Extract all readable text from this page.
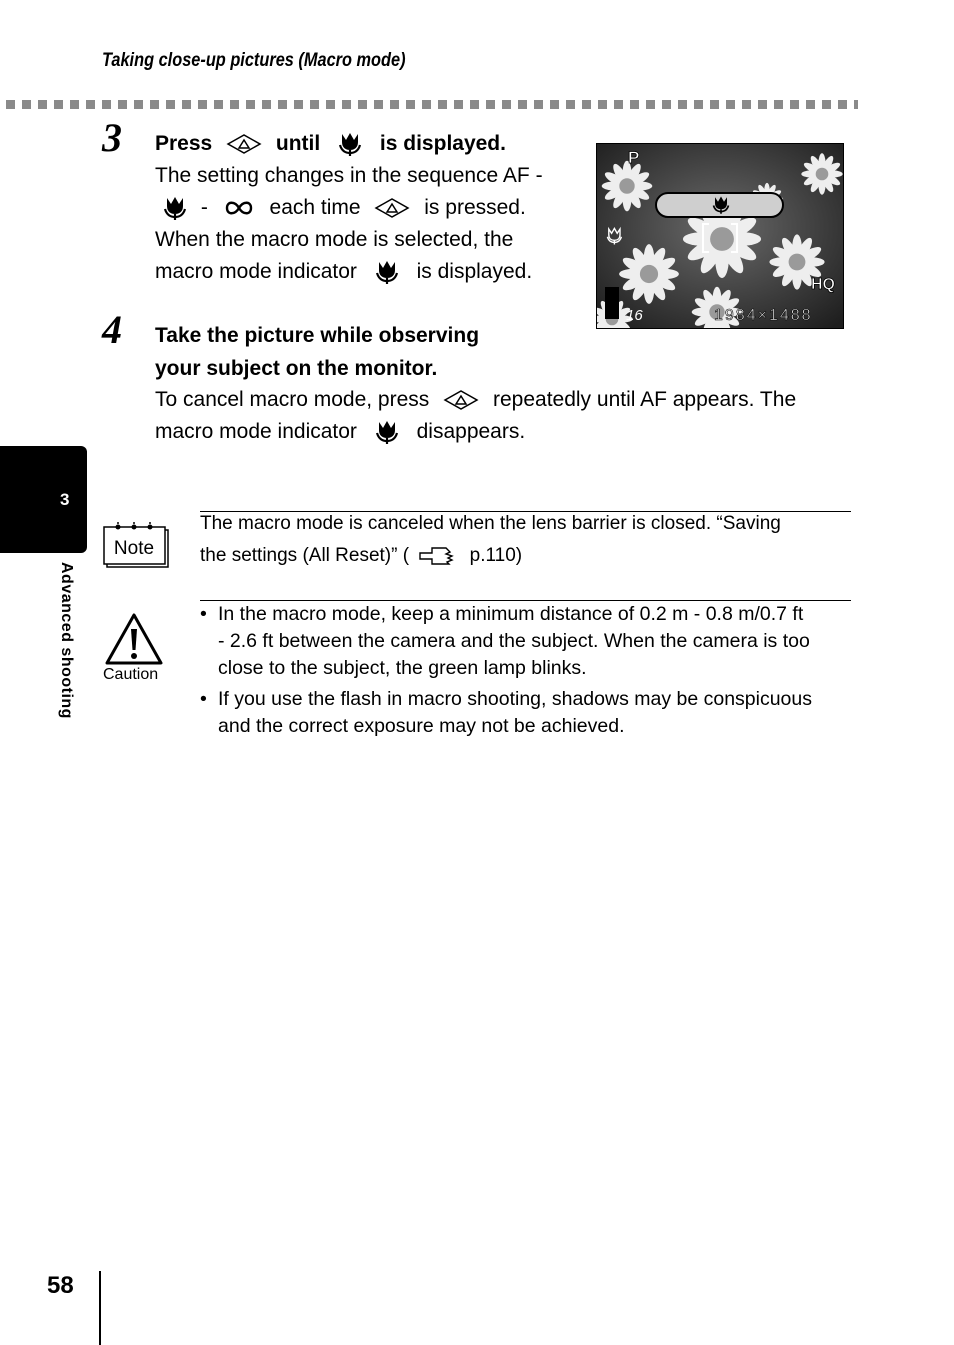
Taking close-up pictures (Macro mode)
3 Press	until	is displayed.
The setting changes in the sequence AF -
-	each time	is pressed.
When the macro mode is selected, the
macro mode indicator	is displayed.
P
HQ
16	1984×1488
4 Take the picture while observing
your subject on the monitor.
To cancel macro mode, press	repeatedly until AF appears. The
macro mode indicator	disappears.
3
Advanced shooting
Note
The macro mode is canceled when the lens barrier is closed. “Saving
the settings (All Reset)” (	p.110)
Caution
• In the macro mode, keep a minimum distance of 0.2 m - 0.8 m/0.7 ft
- 2.6 ft between the camera and the subject. When the camera is too
close to the subject, the green lamp blinks.
• If you use the flash in macro shooting, shadows may be conspicuous
and the correct exposure may not be achieved.
58
